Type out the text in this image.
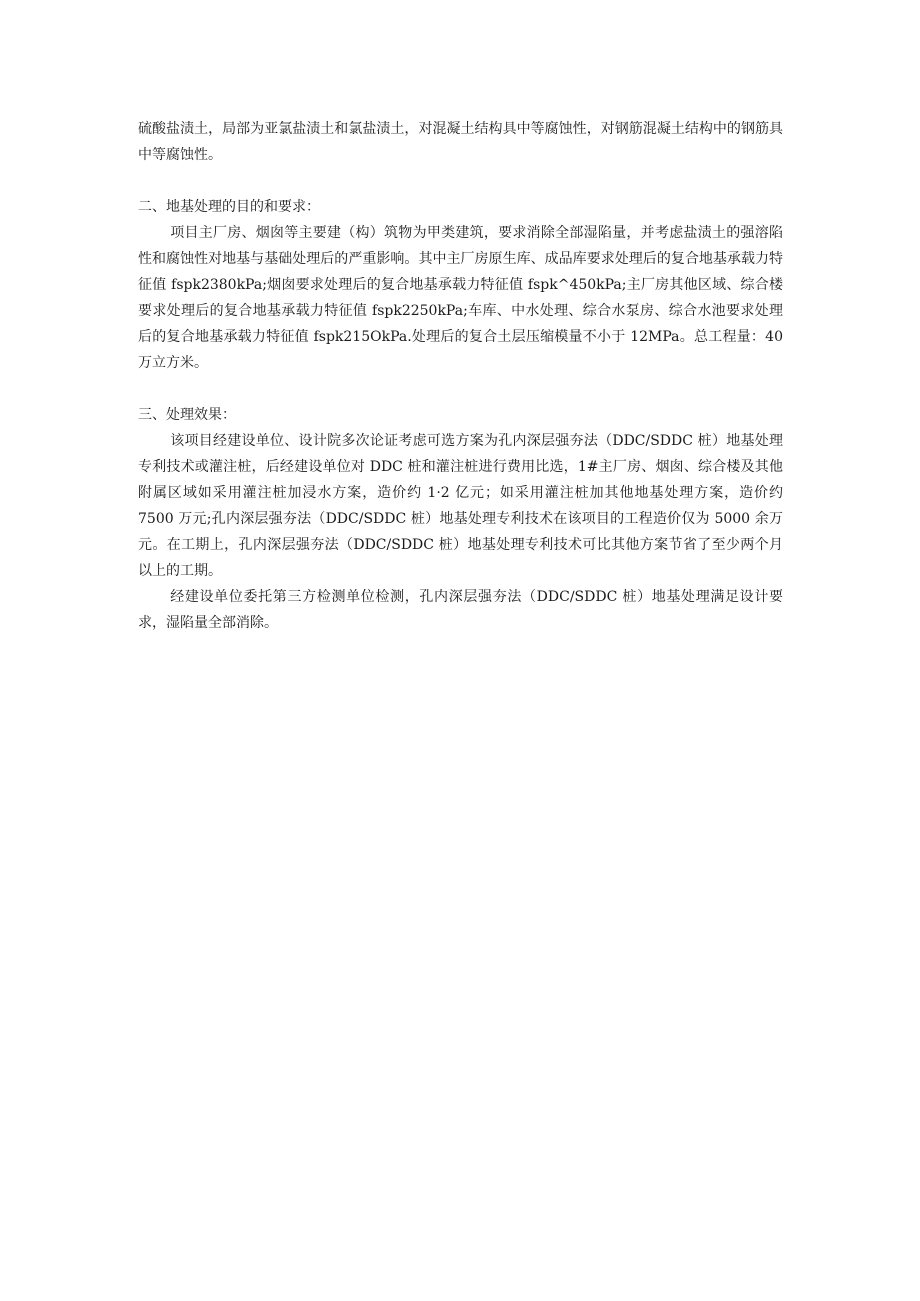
硫酸盐渍土，局部为亚氯盐渍土和氯盐渍土，对混凝土结构具中等腐蚀性，对钢筋混凝土结构中的钢筋具中等腐蚀性。

二、地基处理的目的和要求：

项目主厂房、烟囱等主要建（构）筑物为甲类建筑，要求消除全部湿陷量，并考虑盐渍土的强溶陷性和腐蚀性对地基与基础处理后的严重影响。其中主厂房原生库、成品库要求处理后的复合地基承载力特征值 fspk2380kPa;烟囱要求处理后的复合地基承载力特征值 fspk^450kPa;主厂房其他区域、综合楼要求处理后的复合地基承载力特征值 fspk2250kPa;车库、中水处理、综合水泵房、综合水池要求处理后的复合地基承载力特征值 fspk215OkPa.处理后的复合土层压缩模量不小于 12MPa。总工程量：40 万立方米。

三、处理效果：

该项目经建设单位、设计院多次论证考虑可选方案为孔内深层强夯法（DDC/SDDC 桩）地基处理专利技术或灌注桩，后经建设单位对 DDC 桩和灌注桩进行费用比选，1#主厂房、烟囱、综合楼及其他附属区域如采用灌注桩加浸水方案，造价约 1·2 亿元；如采用灌注桩加其他地基处理方案，造价约 7500 万元;孔内深层强夯法（DDC/SDDC 桩）地基处理专利技术在该项目的工程造价仅为 5000 余万元。在工期上，孔内深层强夯法（DDC/SDDC 桩）地基处理专利技术可比其他方案节省了至少两个月以上的工期。

经建设单位委托第三方检测单位检测，孔内深层强夯法（DDC∕SDDC 桩）地基处理满足设计要求，湿陷量全部消除。
